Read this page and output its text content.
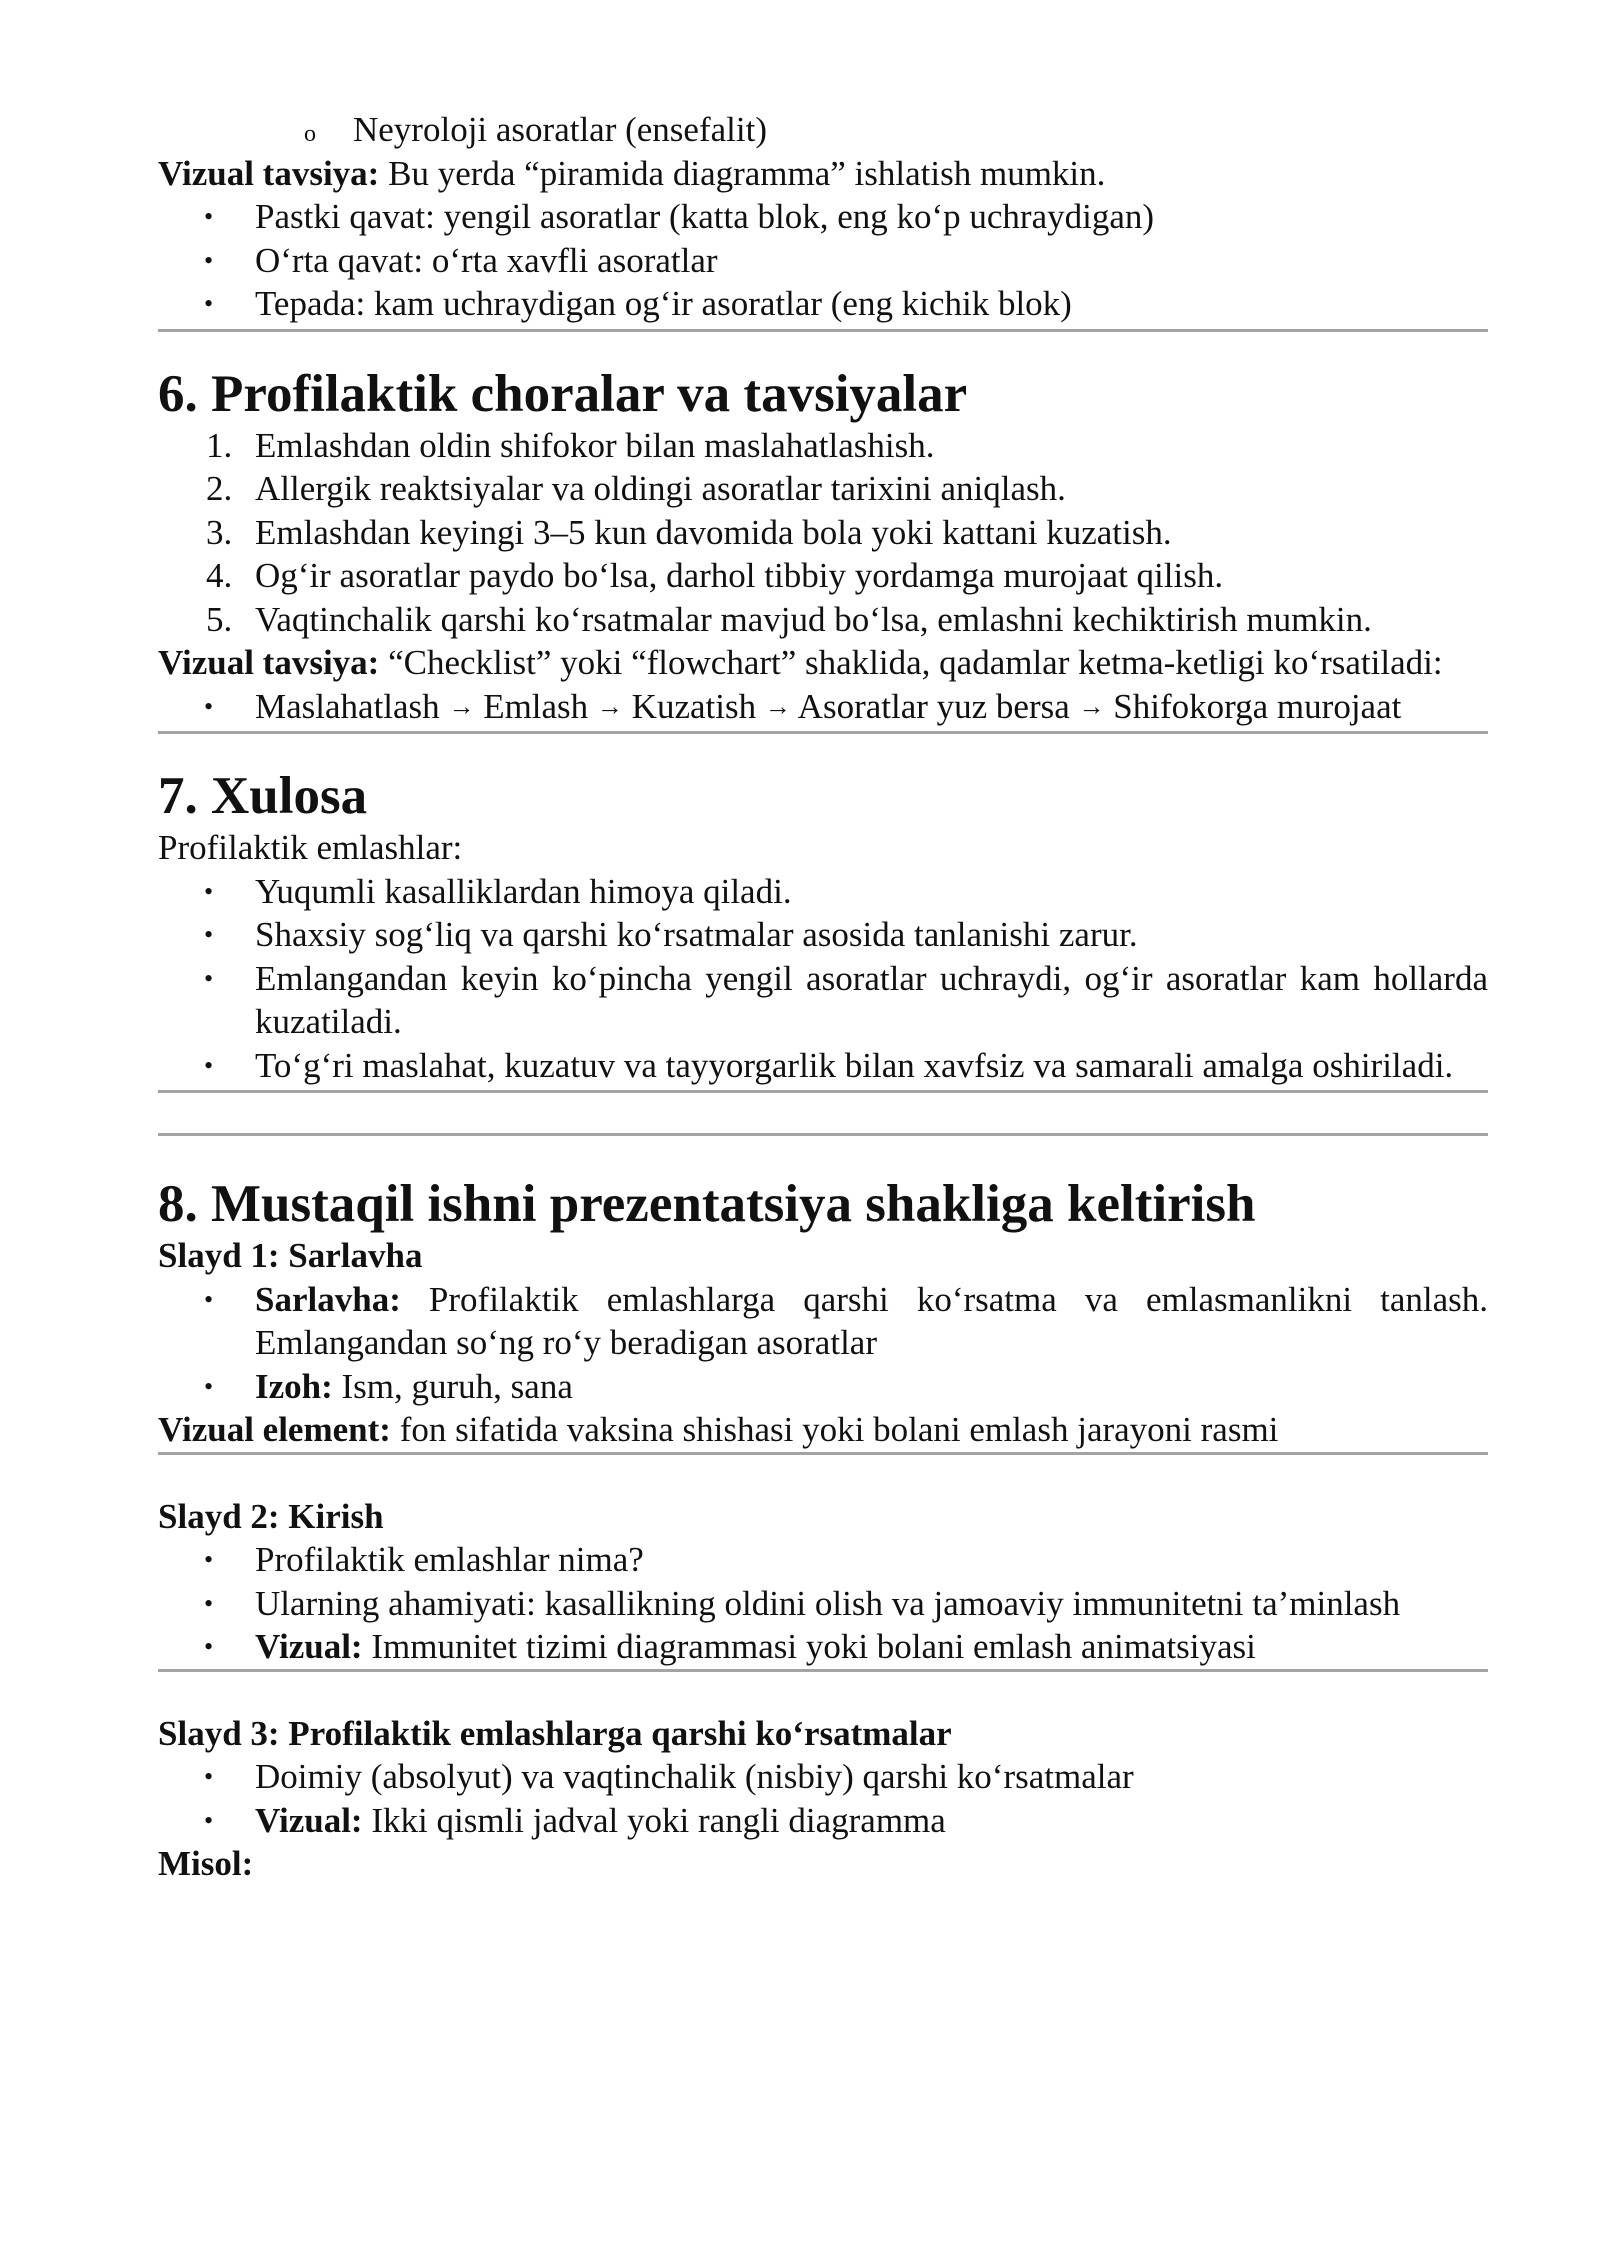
o Neyroloji asoratlar (ensefalit)

Vizual tavsiya: Bu yerda “piramida diagramma” ishlatish mumkin.

• Pastki qavat: yengil asoratlar (katta blok, eng ko‘p uchraydigan)
• O‘rta qavat: o‘rta xavfli asoratlar
• Tepada: kam uchraydigan og‘ir asoratlar (eng kichik blok)
6. Profilaktik choralar va tavsiyalar
1. Emlashdan oldin shifokor bilan maslahatlashish.
2. Allergik reaktsiyalar va oldingi asoratlar tarixini aniqlash.
3. Emlashdan keyingi 3–5 kun davomida bola yoki kattani kuzatish.
4. Og‘ir asoratlar paydo bo‘lsa, darhol tibbiy yordamga murojaat qilish.
5. Vaqtinchalik qarshi ko‘rsatmalar mavjud bo‘lsa, emlashni kechiktirish mumkin.

Vizual tavsiya: “Checklist” yoki “flowchart” shaklida, qadamlar ketma-ketligi ko‘rsatiladi:

• Maslahatlash → Emlash → Kuzatish → Asoratlar yuz bersa → Shifokorga murojaat
7. Xulosa

Profilaktik emlashlar:

• Yuqumli kasalliklardan himoya qiladi.
• Shaxsiy sog‘liq va qarshi ko‘rsatmalar asosida tanlanishi zarur.
• Emlangandan keyin ko‘pincha yengil asoratlar uchraydi, og‘ir asoratlar kam hollarda kuzatiladi.
• To‘g‘ri maslahat, kuzatuv va tayyorgarlik bilan xavfsiz va samarali amalga oshiriladi.
8. Mustaqil ishni prezentatsiya shakliga keltirish

Slayd 1: Sarlavha

• Sarlavha: Profilaktik emlashlarga qarshi ko‘rsatma va emlasmanlikni tanlash. Emlangandan so‘ng ro‘y beradigan asoratlar
• Izoh: Ism, guruh, sana

Vizual element: fon sifatida vaksina shishasi yoki bolani emlash jarayoni rasmi

Slayd 2: Kirish

• Profilaktik emlashlar nima?
• Ularning ahamiyati: kasallikning oldini olish va jamoaviy immunitetni ta’minlash
• Vizual: Immunitet tizimi diagrammasi yoki bolani emlash animatsiyasi

Slayd 3: Profilaktik emlashlarga qarshi ko‘rsatmalar

• Doimiy (absolyut) va vaqtinchalik (nisbiy) qarshi ko‘rsatmalar
• Vizual: Ikki qismli jadval yoki rangli diagramma

Misol:
